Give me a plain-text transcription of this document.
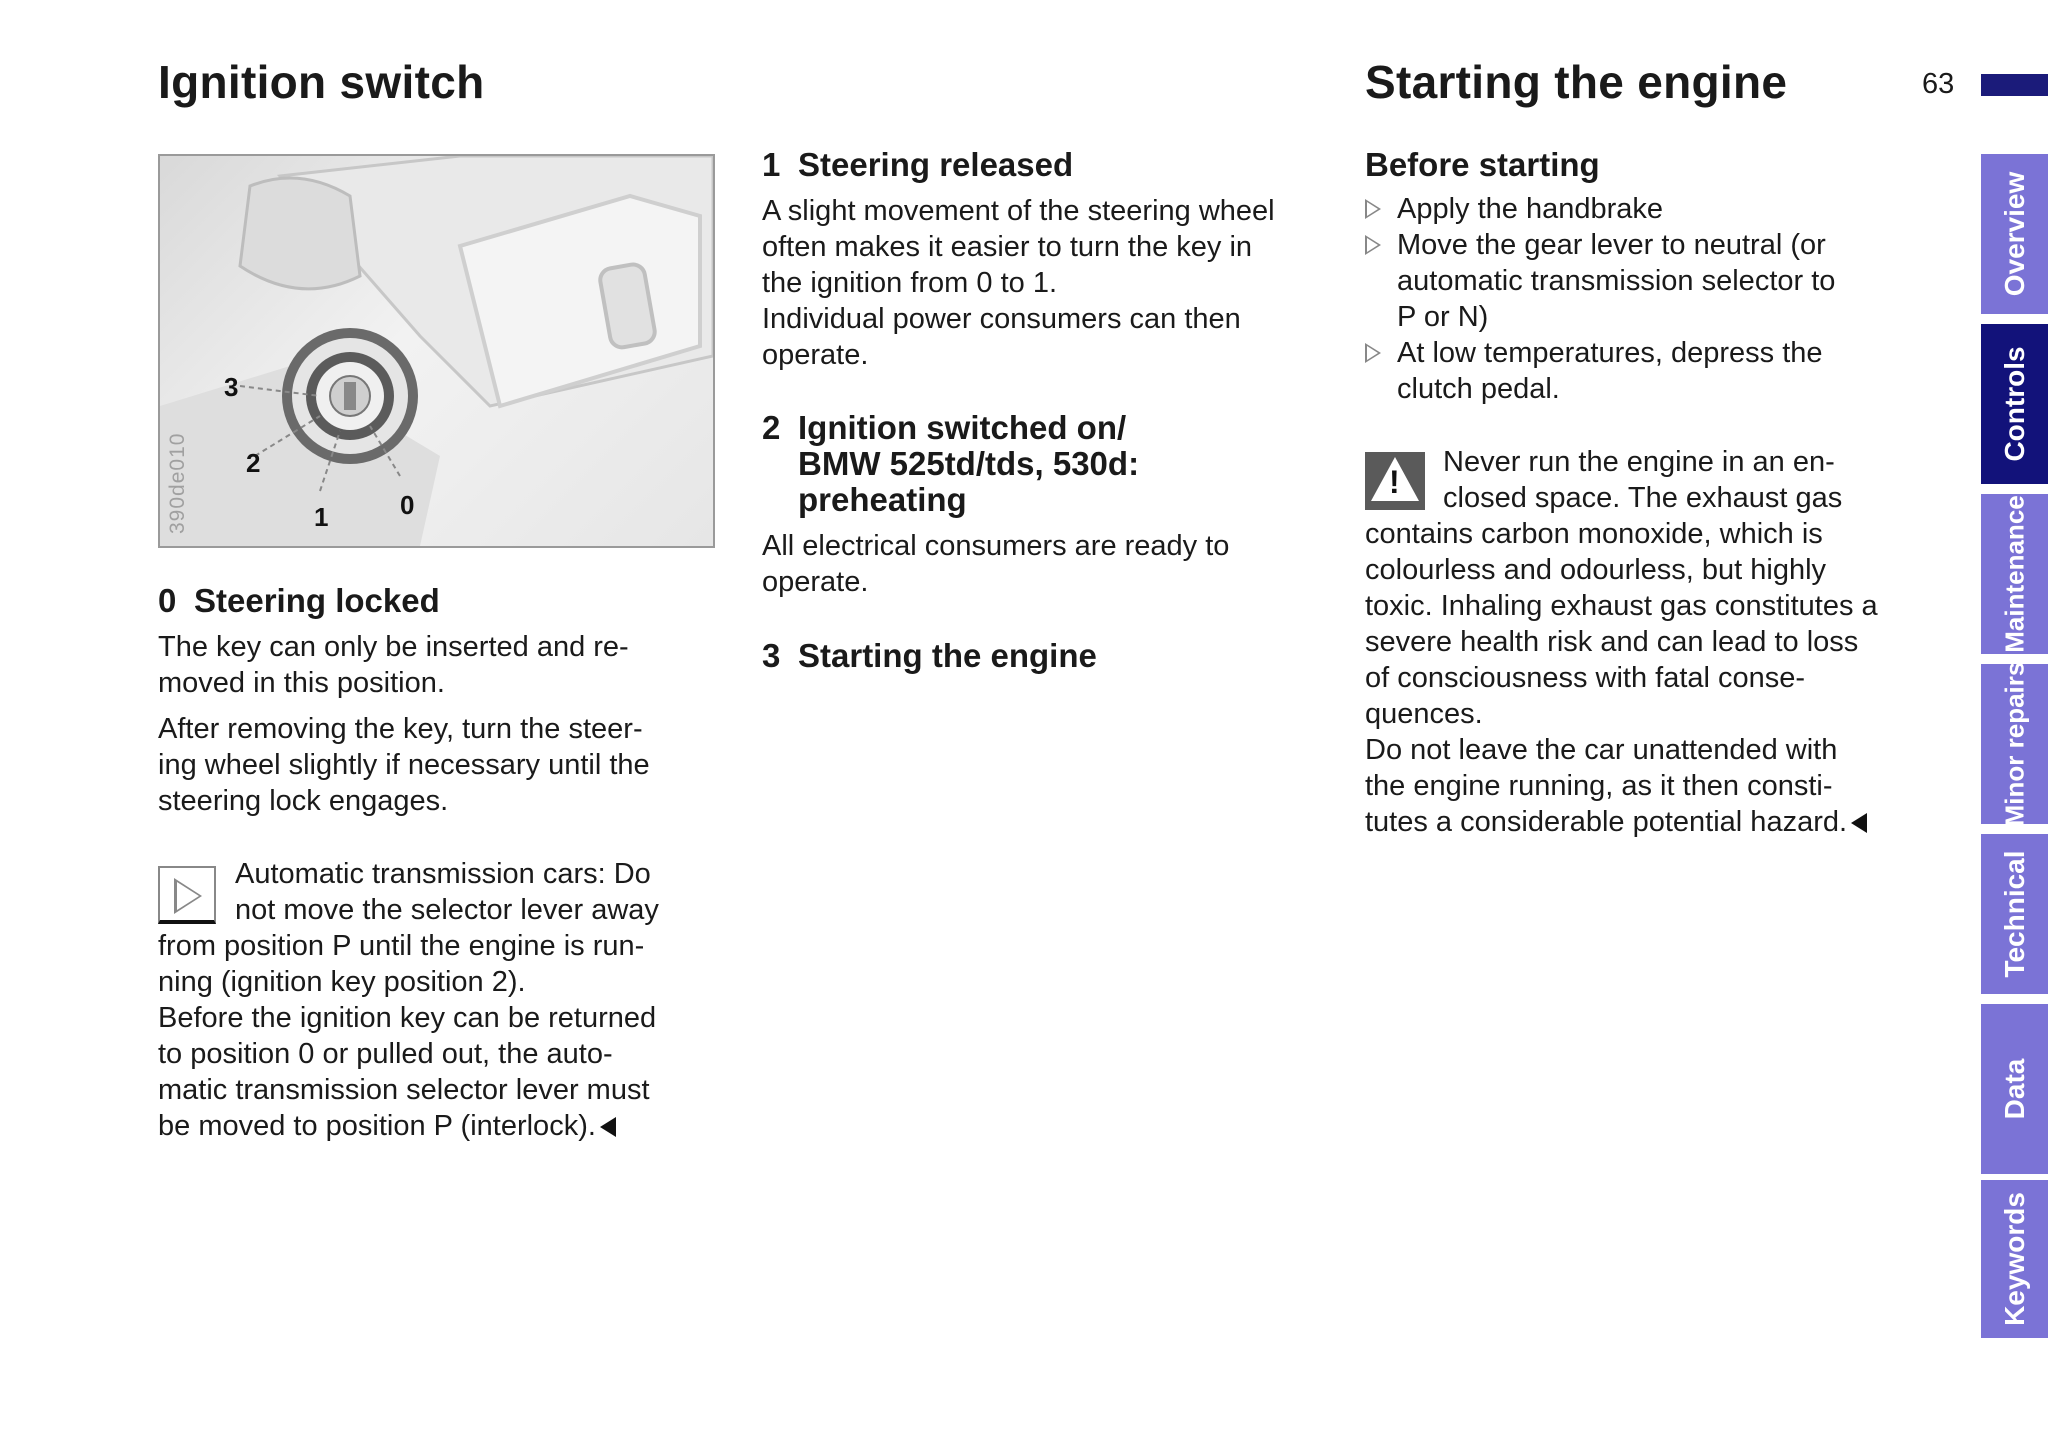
Ignition switch	Starting the engine	63
3
2
1	0
390de010

0 Steering locked

The key can only be inserted and re-
moved in this position.

After removing the key, turn the steer-
ing wheel slightly if necessary until the
steering lock engages.

Automatic transmission cars: Do
not move the selector lever away
from position P until the engine is run-
ning (ignition key position 2).
Before the ignition key can be returned
to position 0 or pulled out, the auto-
matic transmission selector lever must
be moved to position P (interlock).

1 Steering released

A slight movement of the steering wheel
often makes it easier to turn the key in
the ignition from 0 to 1.
Individual power consumers can then
operate.

2 Ignition switched on/
BMW 525td/tds, 530d:
preheating

All electrical consumers are ready to
operate.

3 Starting the engine

Before starting

Apply the handbrake
Move the gear lever to neutral (or
automatic transmission selector to
P or N)
At low temperatures, depress the
clutch pedal.
!

Never run the engine in an en-
closed space. The exhaust gas
contains carbon monoxide, which is
colourless and odourless, but highly
toxic. Inhaling exhaust gas constitutes a
severe health risk and can lead to loss
of consciousness with fatal conse-
quences.
Do not leave the car unattended with
the engine running, as it then consti-
tutes a considerable potential hazard.

Overview
Controls
Maintenance
Minor repairs
Technical
Data
Keywords
